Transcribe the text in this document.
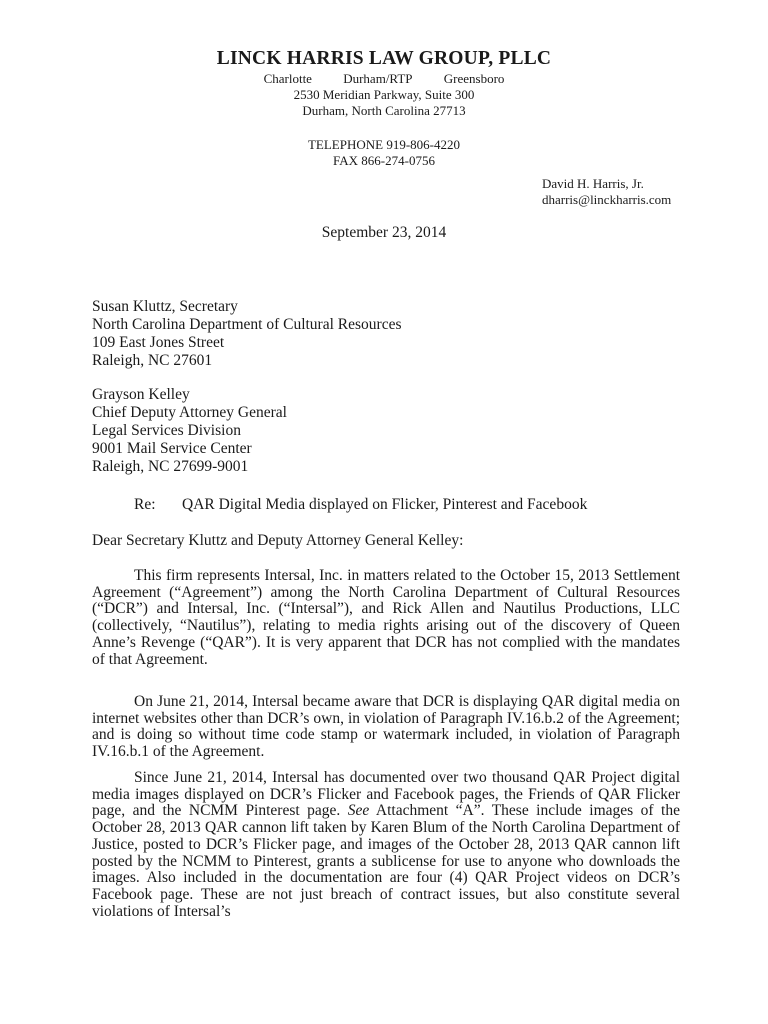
LINCK HARRIS LAW GROUP, PLLC
Charlotte Durham/RTP Greensboro
2530 Meridian Parkway, Suite 300
Durham, North Carolina 27713
TELEPHONE 919-806-4220
FAX 866-274-0756
David H. Harris, Jr.
dharris@linckharris.com
September 23, 2014
Susan Kluttz, Secretary
North Carolina Department of Cultural Resources
109 East Jones Street
Raleigh, NC 27601
Grayson Kelley
Chief Deputy Attorney General
Legal Services Division
9001 Mail Service Center
Raleigh, NC 27699-9001
Re: QAR Digital Media displayed on Flicker, Pinterest and Facebook
Dear Secretary Kluttz and Deputy Attorney General Kelley:

This firm represents Intersal, Inc. in matters related to the October 15, 2013 Settlement Agreement (“Agreement”) among the North Carolina Department of Cultural Resources (“DCR”) and Intersal, Inc. (“Intersal”), and Rick Allen and Nautilus Productions, LLC (collectively, “Nautilus”), relating to media rights arising out of the discovery of Queen Anne’s Revenge (“QAR”). It is very apparent that DCR has not complied with the mandates of that Agreement.

On June 21, 2014, Intersal became aware that DCR is displaying QAR digital media on internet websites other than DCR’s own, in violation of Paragraph IV.16.b.2 of the Agreement; and is doing so without time code stamp or watermark included, in violation of Paragraph IV.16.b.1 of the Agreement.

Since June 21, 2014, Intersal has documented over two thousand QAR Project digital media images displayed on DCR’s Flicker and Facebook pages, the Friends of QAR Flicker page, and the NCMM Pinterest page. See Attachment “A”. These include images of the October 28, 2013 QAR cannon lift taken by Karen Blum of the North Carolina Department of Justice, posted to DCR’s Flicker page, and images of the October 28, 2013 QAR cannon lift posted by the NCMM to Pinterest, grants a sublicense for use to anyone who downloads the images. Also included in the documentation are four (4) QAR Project videos on DCR’s Facebook page. These are not just breach of contract issues, but also constitute several violations of Intersal’s
